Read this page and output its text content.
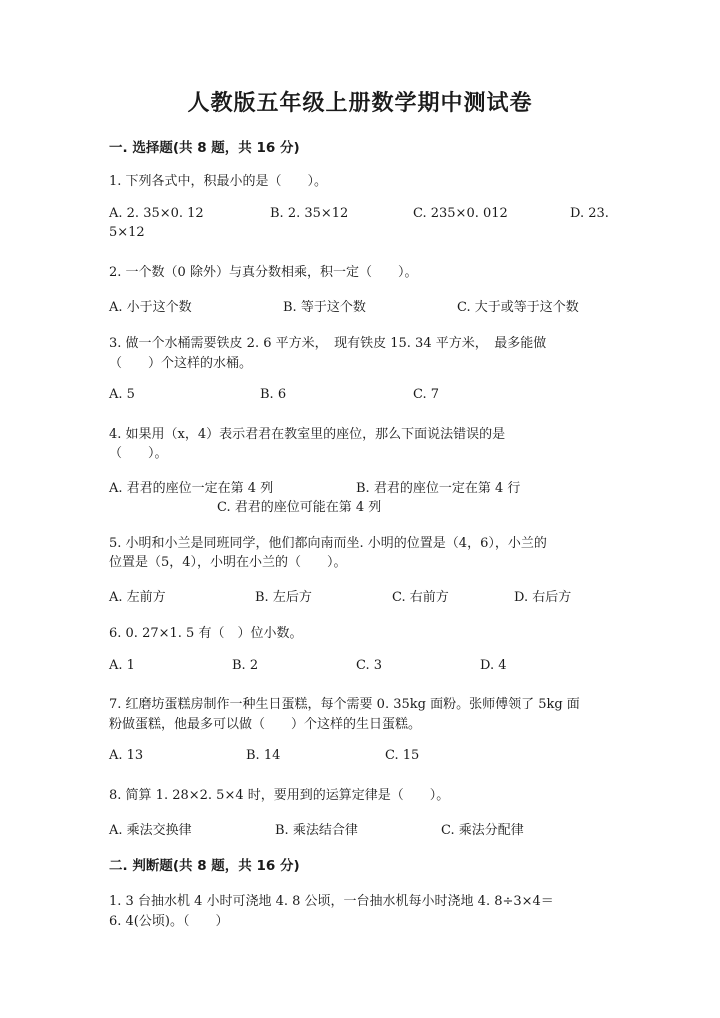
人教版五年级上册数学期中测试卷
一. 选择题(共 8 题，共 16 分)
1. 下列各式中，积最小的是（　　）。
A. 2. 35×0. 12	B. 2. 35×12	C. 235×0. 012	D. 23.
5×12
2. 一个数（0 除外）与真分数相乘，积一定（　　）。
A. 小于这个数	B. 等于这个数	C. 大于或等于这个数
3. 做一个水桶需要铁皮 2. 6 平方米，　现有铁皮 15. 34 平方米，　最多能做
（　　）个这样的水桶。
A. 5	B. 6	C. 7
4. 如果用（x，4）表示君君在教室里的座位，那么下面说法错误的是
（　　）。
A. 君君的座位一定在第 4 列	B. 君君的座位一定在第 4 行
C. 君君的座位可能在第 4 列
5. 小明和小兰是同班同学，他们都向南而坐. 小明的位置是（4，6），小兰的
位置是（5，4），小明在小兰的（　　）。
A. 左前方	B. 左后方	C. 右前方	D. 右后方
6. 0. 27×1. 5 有（　）位小数。
A. 1	B. 2	C. 3	D. 4
7. 红磨坊蛋糕房制作一种生日蛋糕，每个需要 0. 35kg 面粉。张师傅领了 5kg 面
粉做蛋糕，他最多可以做（　　）个这样的生日蛋糕。
A. 13	B. 14	C. 15
8. 简算 1. 28×2. 5×4 时，要用到的运算定律是（　　）。
A. 乘法交换律	B. 乘法结合律	C. 乘法分配律
二. 判断题(共 8 题，共 16 分)
1. 3 台抽水机 4 小时可浇地 4. 8 公顷，一台抽水机每小时浇地 4. 8÷3×4＝
6. 4(公顷)。（　　）
